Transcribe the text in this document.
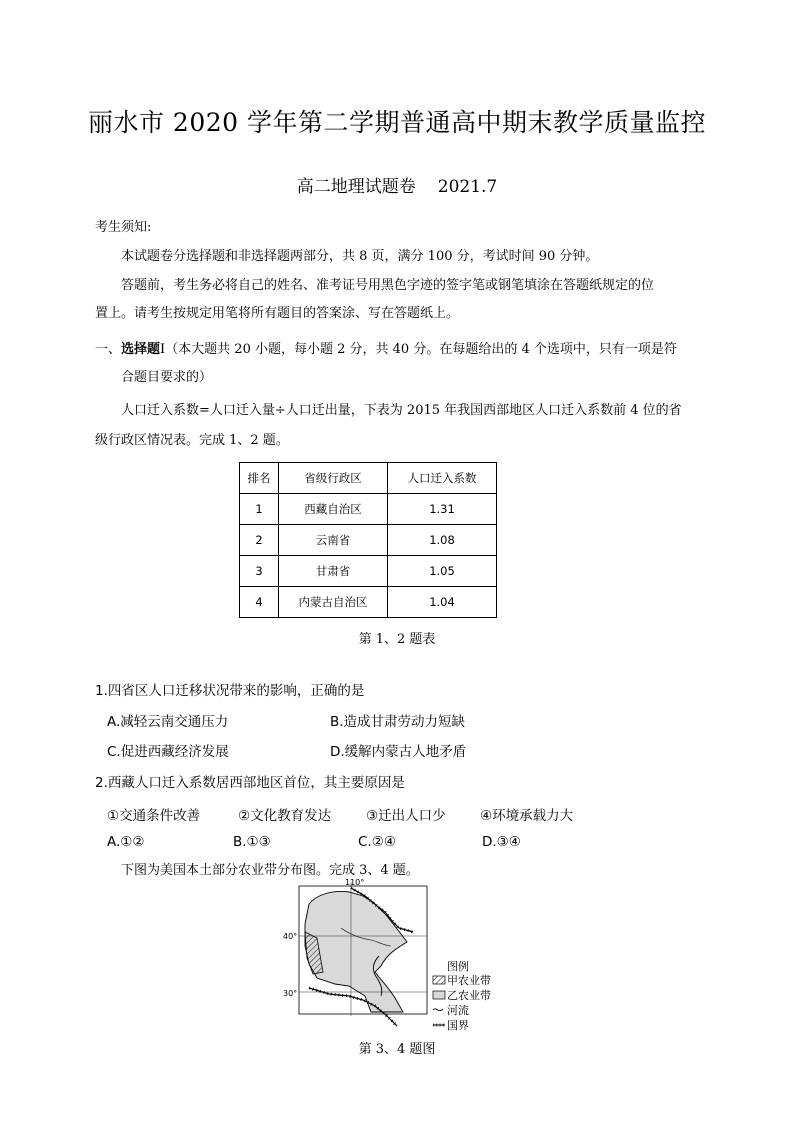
丽水市 2020 学年第二学期普通高中期末教学质量监控
高二地理试题卷 2021.7
考生须知:
本试题卷分选择题和非选择题两部分，共 8 页，满分 100 分，考试时间 90 分钟。
答题前，考生务必将自己的姓名、准考证号用黑色字迹的签字笔或钢笔填涂在答题纸规定的位
置上。请考生按规定用笔将所有题目的答案涂、写在答题纸上。
一、选择题Ⅰ（本大题共 20 小题，每小题 2 分，共 40 分。在每题给出的 4 个选项中，只有一项是符
合题目要求的）
人口迁入系数=人口迁入量÷人口迁出量，下表为 2015 年我国西部地区人口迁入系数前 4 位的省
级行政区情况表。完成 1、2 题。
排名	省级行政区	人口迁入系数
1	西藏自治区	1.31
2	云南省	1.08
3	甘肃省	1.05
4	内蒙古自治区	1.04
第 1、2 题表
1.四省区人口迁移状况带来的影响，正确的是
A.减轻云南交通压力	B.造成甘肃劳动力短缺
C.促进西藏经济发展	D.缓解内蒙古人地矛盾
2.西藏人口迁入系数居西部地区首位，其主要原因是
①交通条件改善	②文化教育发达	③迁出人口少	④环境承载力大
A.①②	B.①③	C.②④	D.③④
下图为美国本土部分农业带分布图。完成 3、4 题。
110°
40°
30°
图例
甲农业带
乙农业带
河流
国界
第 3、4 题图
